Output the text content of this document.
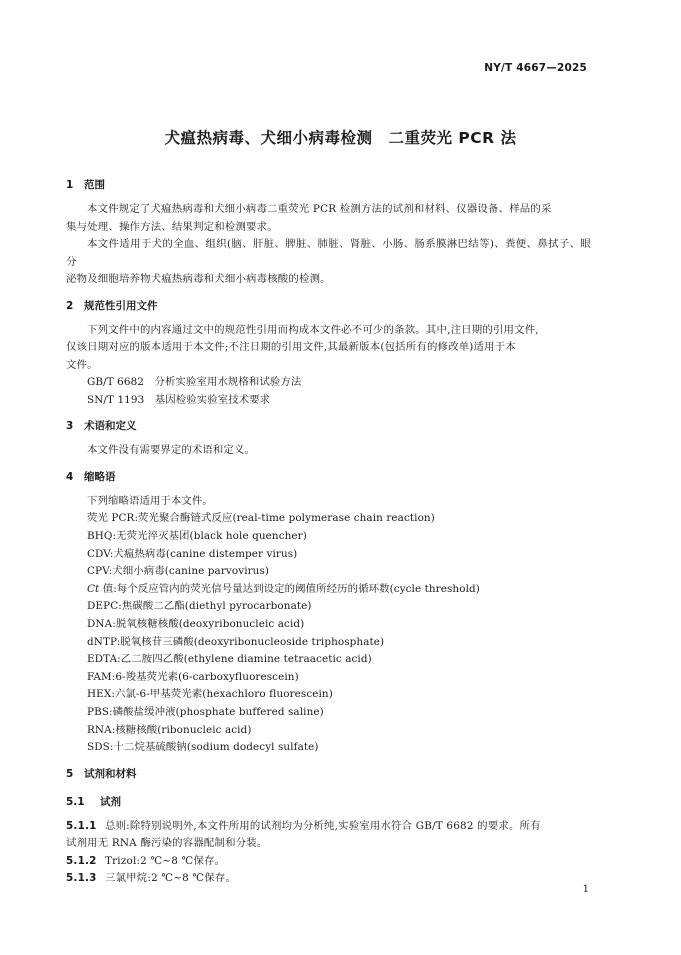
NY/T 4667—2025
犬瘟热病毒、犬细小病毒检测　二重荧光 PCR 法
1 范围
本文件规定了犬瘟热病毒和犬细小病毒二重荧光 PCR 检测方法的试剂和材料、仪器设备、样品的采
集与处理、操作方法、结果判定和检测要求。
本文件适用于犬的全血、组织(脑、肝脏、脾脏、肺脏、肾脏、小肠、肠系膜淋巴结等)、粪便、鼻拭子、眼分
泌物及细胞培养物犬瘟热病毒和犬细小病毒核酸的检测。
2 规范性引用文件
下列文件中的内容通过文中的规范性引用而构成本文件必不可少的条款。其中,注日期的引用文件,
仅该日期对应的版本适用于本文件;不注日期的引用文件,其最新版本(包括所有的修改单)适用于本
文件。
GB/T 6682　分析实验室用水规格和试验方法
SN/T 1193　基因检验实验室技术要求
3 术语和定义
本文件没有需要界定的术语和定义。
4 缩略语
下列缩略语适用于本文件。
荧光 PCR:荧光聚合酶链式反应(real-time polymerase chain reaction)
BHQ:无荧光淬灭基团(black hole quencher)
CDV:犬瘟热病毒(canine distemper virus)
CPV:犬细小病毒(canine parvovirus)
Ct 值:每个反应管内的荧光信号量达到设定的阈值所经历的循环数(cycle threshold)
DEPC:焦碳酸二乙酯(diethyl pyrocarbonate)
DNA:脱氧核糖核酸(deoxyribonucleic acid)
dNTP:脱氧核苷三磷酸(deoxyribonucleoside triphosphate)
EDTA:乙二胺四乙酸(ethylene diamine tetraacetic acid)
FAM:6-羧基荧光素(6-carboxyfluorescein)
HEX:六氯-6-甲基荧光素(hexachloro fluorescein)
PBS:磷酸盐缓冲液(phosphate buffered saline)
RNA:核糖核酸(ribonucleic acid)
SDS:十二烷基硫酸钠(sodium dodecyl sulfate)
5 试剂和材料
5.1 试剂
5.1.1 总则:除特别说明外,本文件所用的试剂均为分析纯,实验室用水符合 GB/T 6682 的要求。所有
试剂用无 RNA 酶污染的容器配制和分装。
5.1.2 Trizol:2 ℃~8 ℃保存。
5.1.3 三氯甲烷:2 ℃~8 ℃保存。
1
